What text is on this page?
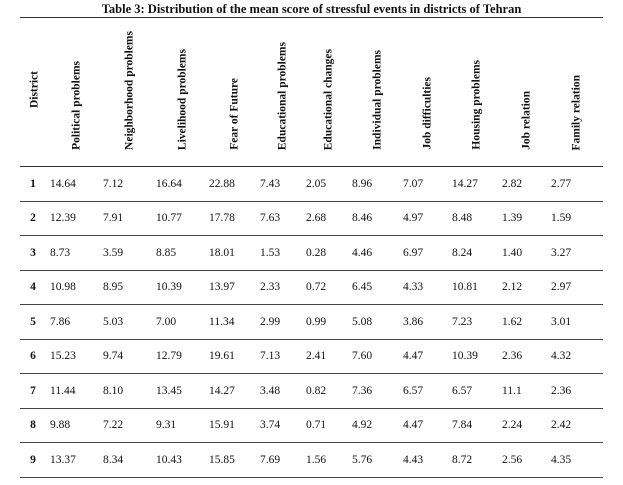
Table 3: Distribution of the mean score of stressful events in districts of Tehran
District	Political problems	Neighborhood problems	Livelihood problems	Fear of Future	Educational problems	Educational changes	Individual problems	Job difficulties	Housing problems	Job relation	Family relation

1	14.64	7.12	16.64	22.88	7.43	2.05	8.96	7.07	14.27	2.82	2.77
2	12.39	7.91	10.77	17.78	7.63	2.68	8.46	4.97	8.48	1.39	1.59
3	8.73	3.59	8.85	18.01	1.53	0.28	4.46	6.97	8.24	1.40	3.27
4	10.98	8.95	10.39	13.97	2.33	0.72	6.45	4.33	10.81	2.12	2.97
5	7.86	5.03	7.00	11.34	2.99	0.99	5.08	3.86	7.23	1.62	3.01
6	15.23	9.74	12.79	19.61	7.13	2.41	7.60	4.47	10.39	2.36	4.32
7	11.44	8.10	13.45	14.27	3.48	0.82	7.36	6.57	6.57	11.1	2.36
8	9.88	7.22	9.31	15.91	3.74	0.71	4.92	4.47	7.84	2.24	2.42
9	13.37	8.34	10.43	15.85	7.69	1.56	5.76	4.43	8.72	2.56	4.35
